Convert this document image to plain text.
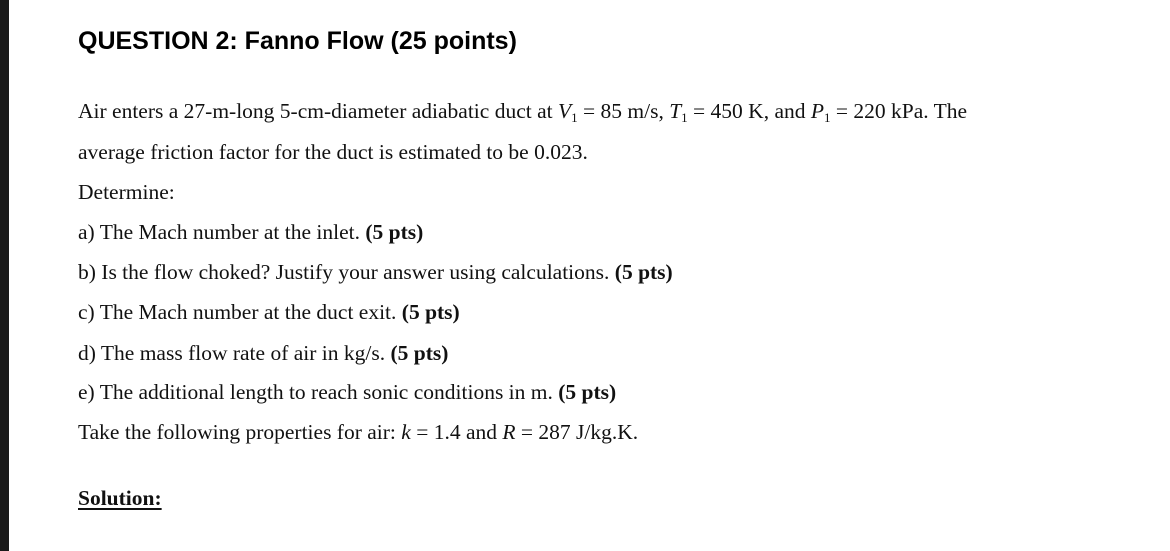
QUESTION 2: Fanno Flow (25 points)

Air enters a 27-m-long 5-cm-diameter adiabatic duct at $V_1 = 85$ m/s, $T_1 = 450$ K, and $P_1 = 220$ kPa. The

average friction factor for the duct is estimated to be 0.023.

Determine:

a) The Mach number at the inlet. (5 pts)

b) Is the flow choked? Justify your answer using calculations. (5 pts)

c) The Mach number at the duct exit. (5 pts)

d) The mass flow rate of air in kg/s. (5 pts)

e) The additional length to reach sonic conditions in m. (5 pts)

Take the following properties for air: k = 1.4 and R = 287 J/kg.K.

Solution:
